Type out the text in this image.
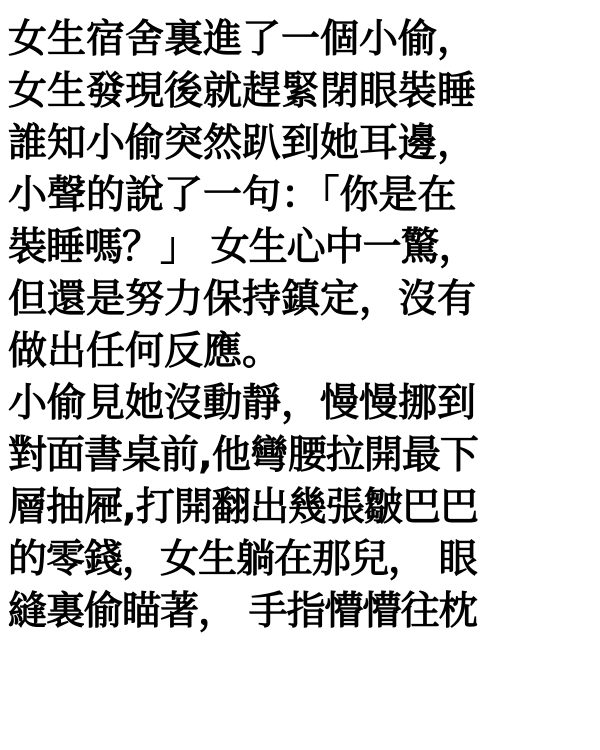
女生宿舍裏進了一個小偷，
女生發現後就趕緊閉眼裝睡
誰知小偷突然趴到她耳邊，
小聲的說了一句：「你是在
裝睡嗎？」 女生心中一驚，
但還是努力保持鎮定，沒有
做出任何反應。
小偷見她沒動靜，慢慢挪到
對面書桌前,他彎腰拉開最下
層抽屜,打開翻出幾張皺巴巴
的零錢，女生躺在那兒， 眼
縫裏偷瞄著， 手指懵懵往枕
